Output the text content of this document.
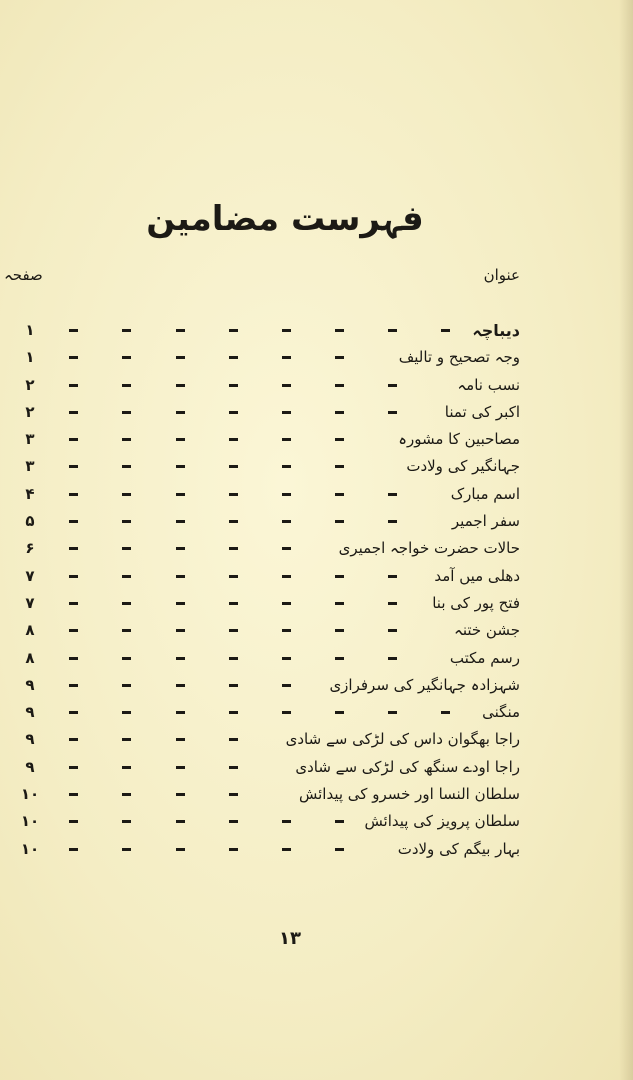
فہرست مضامین
عنوان
صفحہ
دیباچہ
۱
وجہ تصحیح و تالیف
۱
نسب نامہ
۲
اکبر کی تمنا
۲
مصاحبین کا مشورہ
۳
جہانگیر کی ولادت
۳
اسم مبارک
۴
سفر اجمیر
۵
حالات حضرت خواجہ اجمیری
۶
دھلی میں آمد
۷
فتح پور کی بنا
۷
جشن ختنہ
۸
رسم مکتب
۸
شہزادہ جہانگیر کی سرفرازی
۹
منگنی
۹
راجا بھگوان داس کی لڑکی سے شادی
۹
راجا اودے سنگھ کی لڑکی سے شادی
۹
سلطان النسا اور خسرو کی پیدائش
۱۰
سلطان پرویز کی پیدائش
۱۰
بہار بیگم کی ولادت
۱۰
۱۳
